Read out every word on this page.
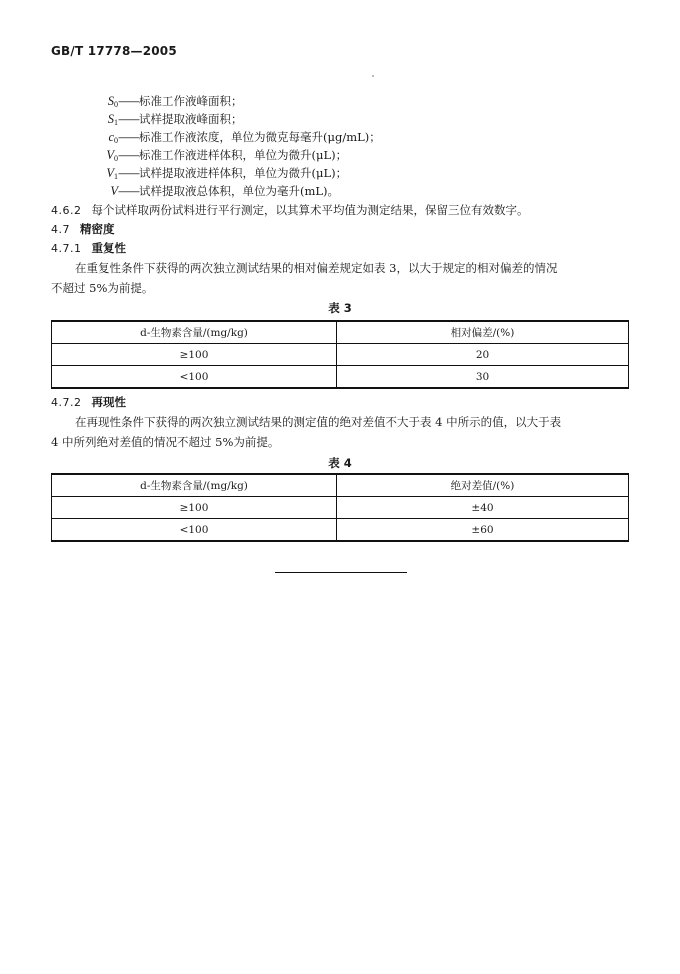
GB/T 17778—2005
$S_0——$标准工作液峰面积；
$S_1——$试样提取液峰面积；
$c_0——$标准工作液浓度，单位为微克每毫升(μg/mL)；
$V_0——$标准工作液进样体积，单位为微升(μL)；
$V_1——$试样提取液进样体积，单位为微升(μL)；
V——试样提取液总体积，单位为毫升(mL)。
4.6.2 每个试样取两份试料进行平行测定，以其算术平均值为测定结果，保留三位有效数字。
4.7 精密度
4.7.1 重复性
在重复性条件下获得的两次独立测试结果的相对偏差规定如表 3，以大于规定的相对偏差的情况
不超过 5%为前提。
表 3
d-生物素含量/(mg/kg)	相对偏差/(%)
≥100	20
<100	30
4.7.2 再现性
在再现性条件下获得的两次独立测试结果的测定值的绝对差值不大于表 4 中所示的值，以大于表
4 中所列绝对差值的情况不超过 5%为前提。
表 4
d-生物素含量/(mg/kg)	绝对差值/(%)
≥100	±40
<100	±60
